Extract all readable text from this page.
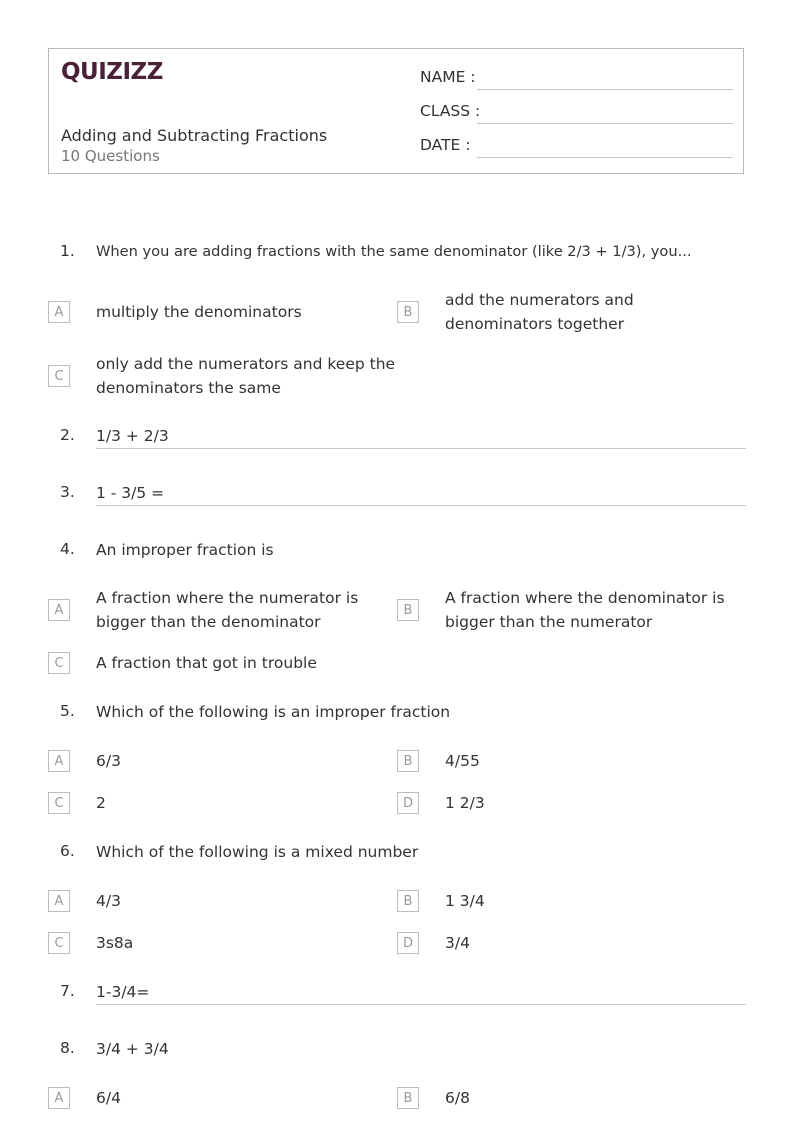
QUIZIZZ
Adding and Subtracting Fractions
10 Questions
NAME :
CLASS :
DATE :
1. When you are adding fractions with the same denominator (like 2/3 + 1/3), you...
A	multiply the denominators	B
add the numerators and denominators together
C
only add the numerators and keep the denominators the same
2. 1/3 + 2/3
3. 1 - 3/5 =
4. An improper fraction is
A
A fraction where the numerator is bigger than the denominator
B
A fraction where the denominator is bigger than the numerator
C	A fraction that got in trouble
5. Which of the following is an improper fraction
A	6/3	B	4/55
C	2	D	1 2/3
6. Which of the following is a mixed number
A	4/3	B	1 3/4
C	3s8a	D	3/4
7. 1-3/4=
8. 3/4 + 3/4
A	6/4	B	6/8
